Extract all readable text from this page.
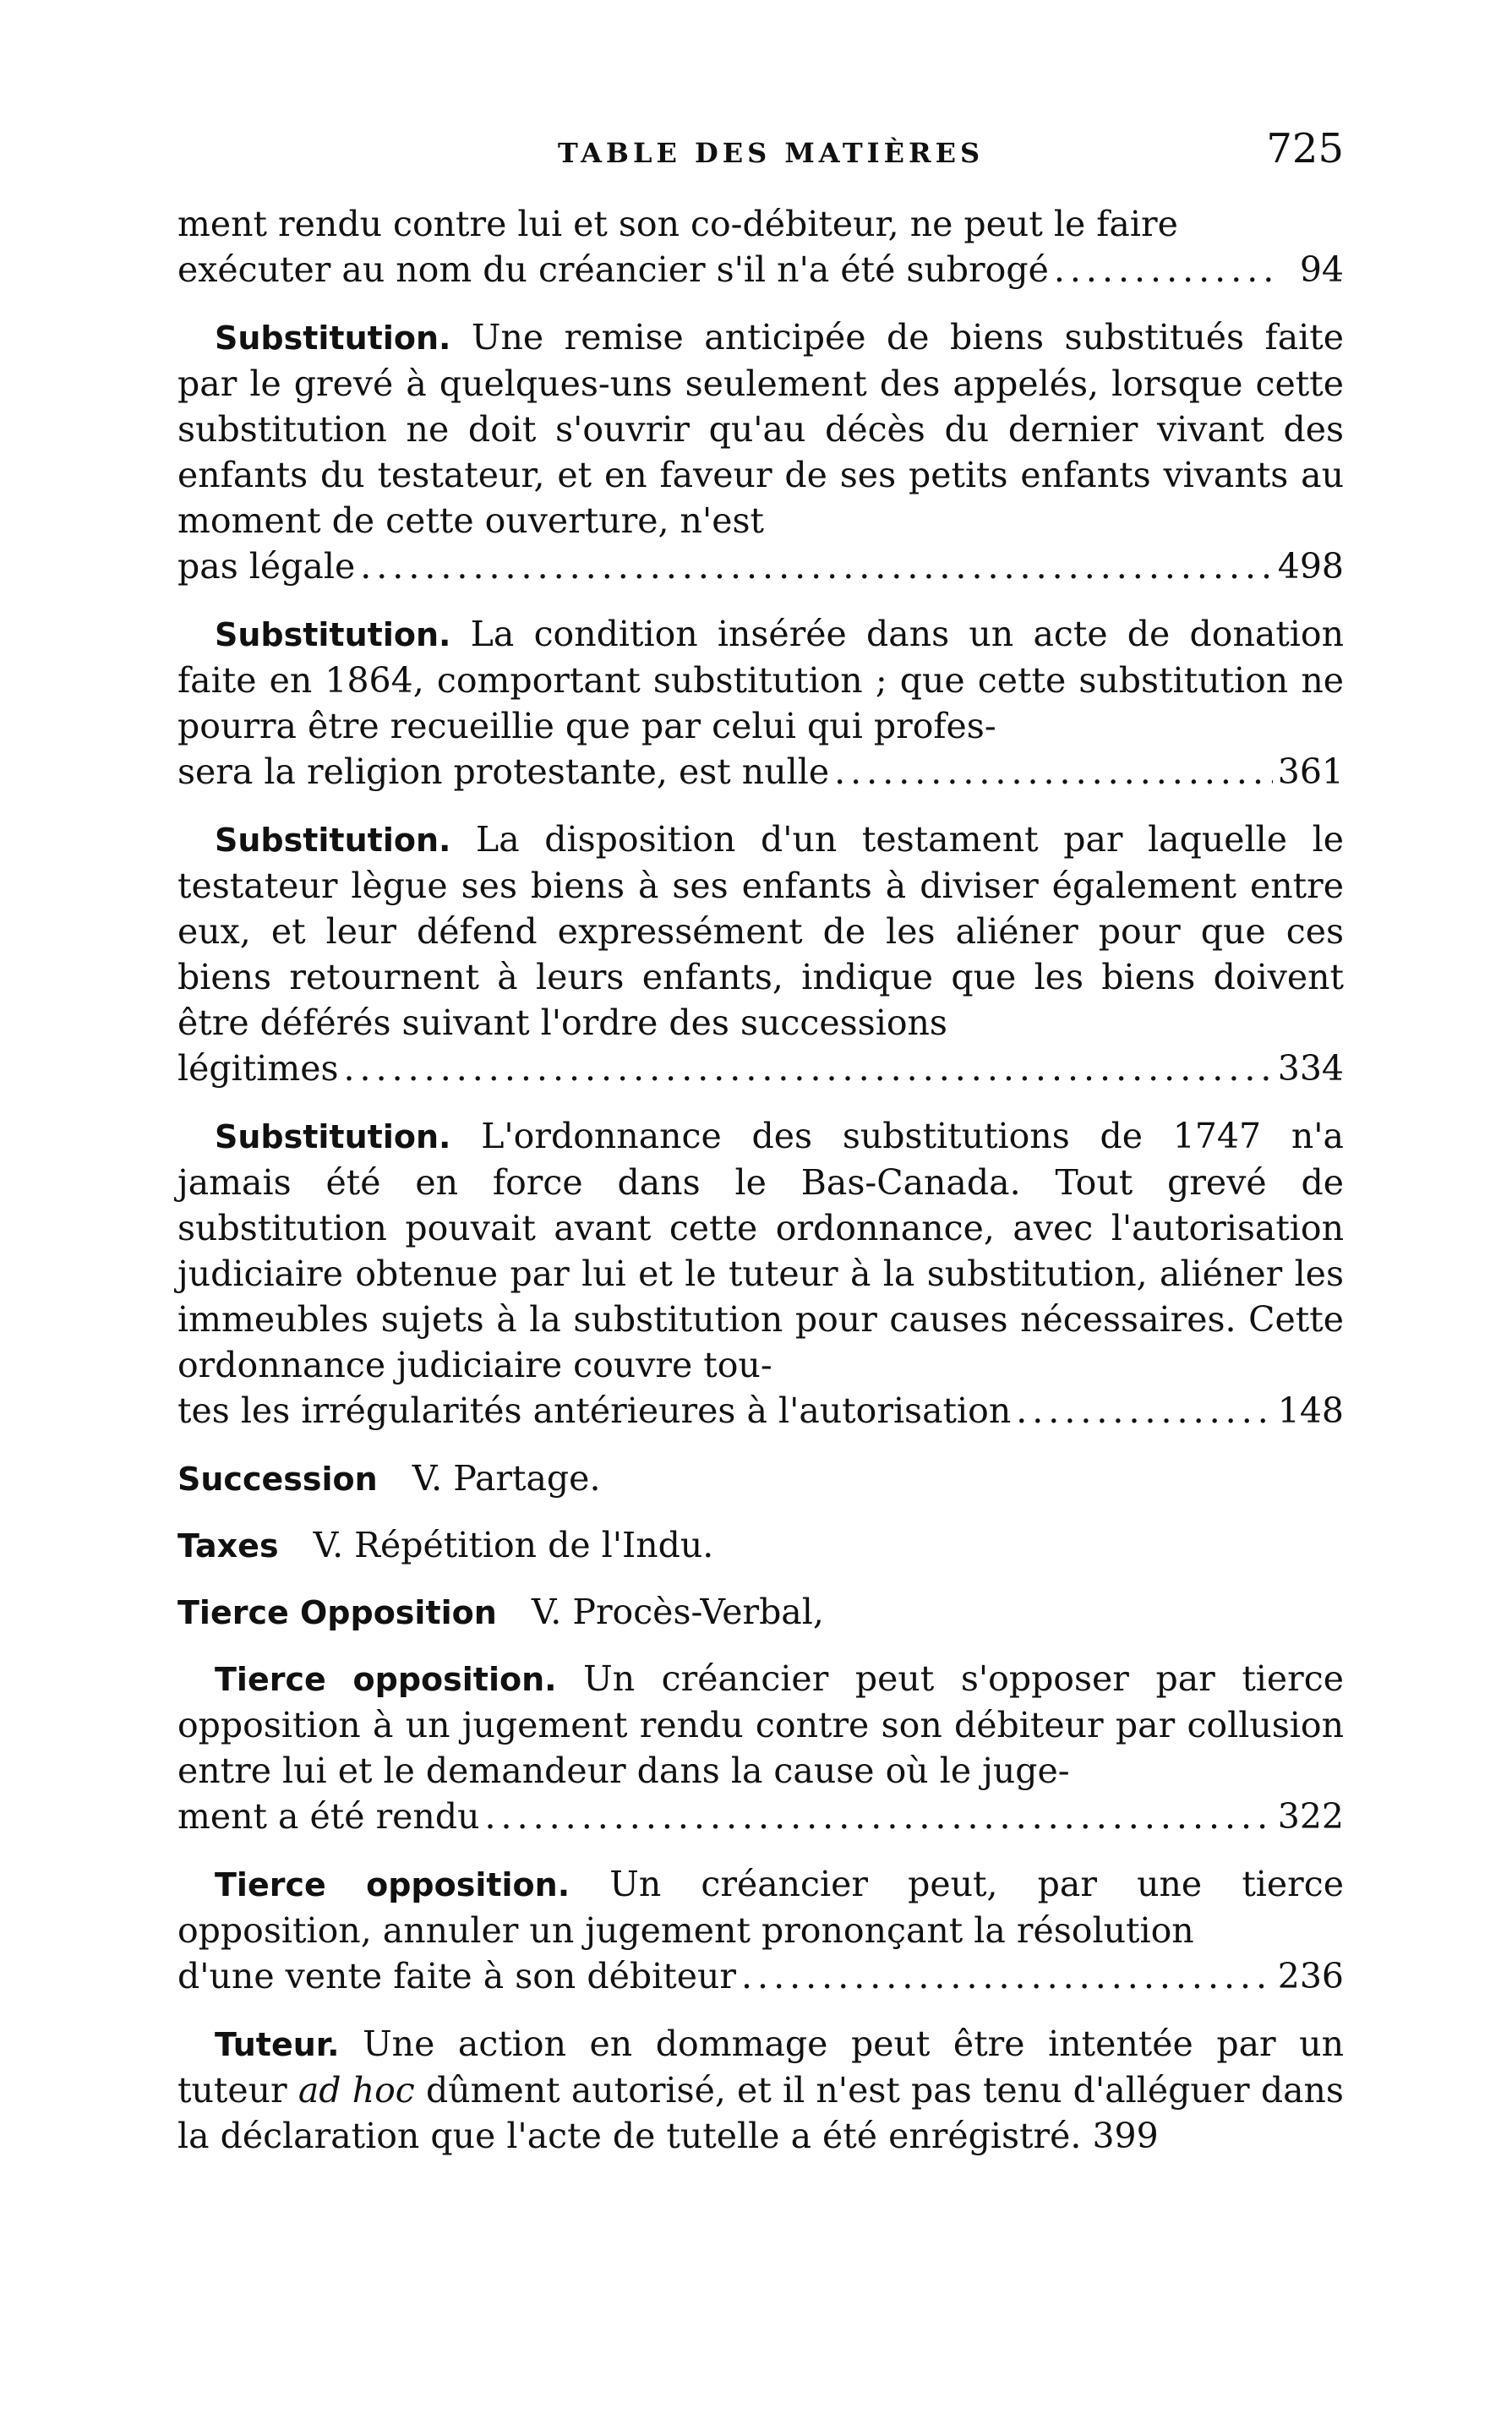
TABLE DES MATIÈRES	725
ment rendu contre lui et son co-débiteur, ne peut le faire
exécuter au nom du créancier s'il n'a été subrogé .....	94
Substitution. Une remise anticipée de biens substitués faite par le grevé à quelques-uns seulement des appelés, lorsque cette substitution ne doit s'ouvrir qu'au décès du dernier vivant des enfants du testateur, et en faveur de ses petits enfants vivants au moment de cette ouverture, n'est
pas légale .....	498
Substitution. La condition insérée dans un acte de donation faite en 1864, comportant substitution ; que cette substitution ne pourra être recueillie que par celui qui profes-
sera la religion protestante, est nulle .....	361
Substitution. La disposition d'un testament par laquelle le testateur lègue ses biens à ses enfants à diviser également entre eux, et leur défend expressément de les aliéner pour que ces biens retournent à leurs enfants, indique que les biens doivent être déférés suivant l'ordre des successions
légitimes .....	334
Substitution. L'ordonnance des substitutions de 1747 n'a jamais été en force dans le Bas-Canada. Tout grevé de substitution pouvait avant cette ordonnance, avec l'autorisation judiciaire obtenue par lui et le tuteur à la substitution, aliéner les immeubles sujets à la substitution pour causes nécessaires. Cette ordonnance judiciaire couvre tou-
tes les irrégularités antérieures à l'autorisation .....	148
Succession V. Partage.
Taxes V. Répétition de l'Indu.
Tierce Opposition V. Procès-Verbal,
Tierce opposition. Un créancier peut s'opposer par tierce opposition à un jugement rendu contre son débiteur par collusion entre lui et le demandeur dans la cause où le juge-
ment a été rendu .....	322
Tierce opposition. Un créancier peut, par une tierce opposition, annuler un jugement prononçant la résolution
d'une vente faite à son débiteur .....	236
Tuteur. Une action en dommage peut être intentée par un tuteur ad hoc dûment autorisé, et il n'est pas tenu d'alléguer dans la déclaration que l'acte de tutelle a été enrégistré. 399
